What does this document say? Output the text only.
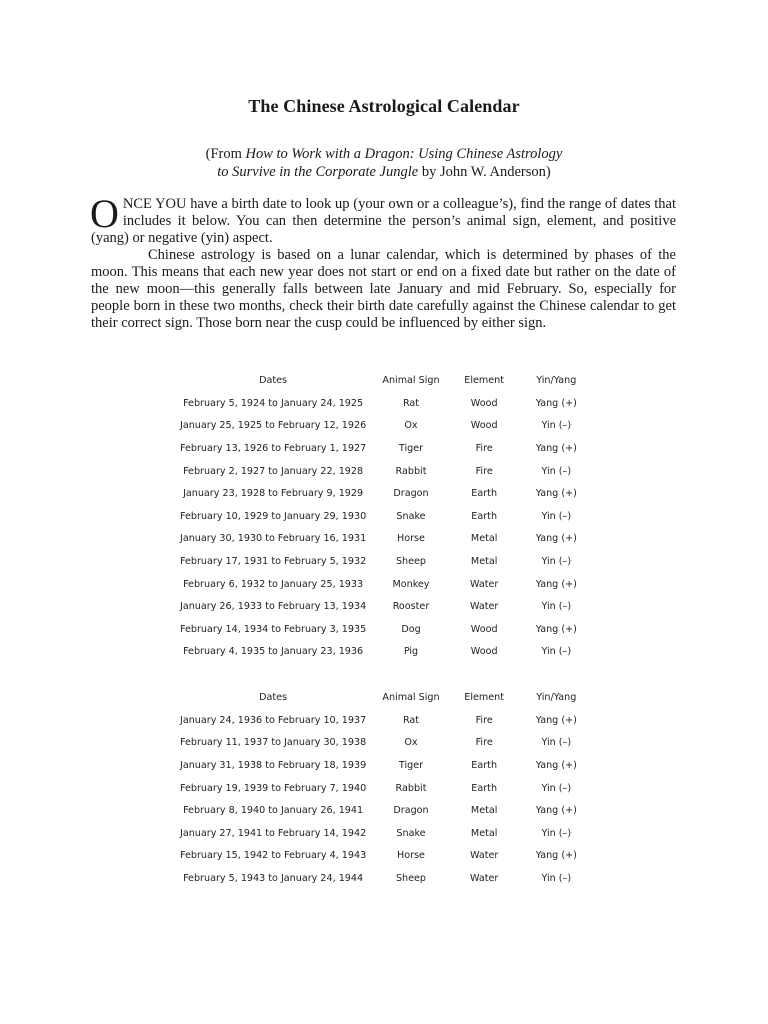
The Chinese Astrological Calendar
(From How to Work with a Dragon: Using Chinese Astrology
to Survive in the Corporate Jungle by John W. Anderson)

ONCE YOU have a birth date to look up (your own or a colleague’s), find the range of dates that includes it below. You can then determine the person’s animal sign, element, and positive (yang) or negative (yin) aspect.

Chinese astrology is based on a lunar calendar, which is determined by phases of the moon. This means that each new year does not start or end on a fixed date but rather on the date of the new moon—this generally falls between late January and mid February. So, especially for people born in these two months, check their birth date carefully against the Chinese calendar to get their correct sign. Those born near the cusp could be influenced by either sign.

Dates	Animal Sign	Element	Yin/Yang
February 5, 1924 to January 24, 1925	Rat	Wood	Yang (+)
January 25, 1925 to February 12, 1926	Ox	Wood	Yin (–)
February 13, 1926 to February 1, 1927	Tiger	Fire	Yang (+)
February 2, 1927 to January 22, 1928	Rabbit	Fire	Yin (–)
January 23, 1928 to February 9, 1929	Dragon	Earth	Yang (+)
February 10, 1929 to January 29, 1930	Snake	Earth	Yin (–)
January 30, 1930 to February 16, 1931	Horse	Metal	Yang (+)
February 17, 1931 to February 5, 1932	Sheep	Metal	Yin (–)
February 6, 1932 to January 25, 1933	Monkey	Water	Yang (+)
January 26, 1933 to February 13, 1934	Rooster	Water	Yin (–)
February 14, 1934 to February 3, 1935	Dog	Wood	Yang (+)
February 4, 1935 to January 23, 1936	Pig	Wood	Yin (–)
Dates	Animal Sign	Element	Yin/Yang
January 24, 1936 to February 10, 1937	Rat	Fire	Yang (+)
February 11, 1937 to January 30, 1938	Ox	Fire	Yin (–)
January 31, 1938 to February 18, 1939	Tiger	Earth	Yang (+)
February 19, 1939 to February 7, 1940	Rabbit	Earth	Yin (–)
February 8, 1940 to January 26, 1941	Dragon	Metal	Yang (+)
January 27, 1941 to February 14, 1942	Snake	Metal	Yin (–)
February 15, 1942 to February 4, 1943	Horse	Water	Yang (+)
February 5, 1943 to January 24, 1944	Sheep	Water	Yin (–)
